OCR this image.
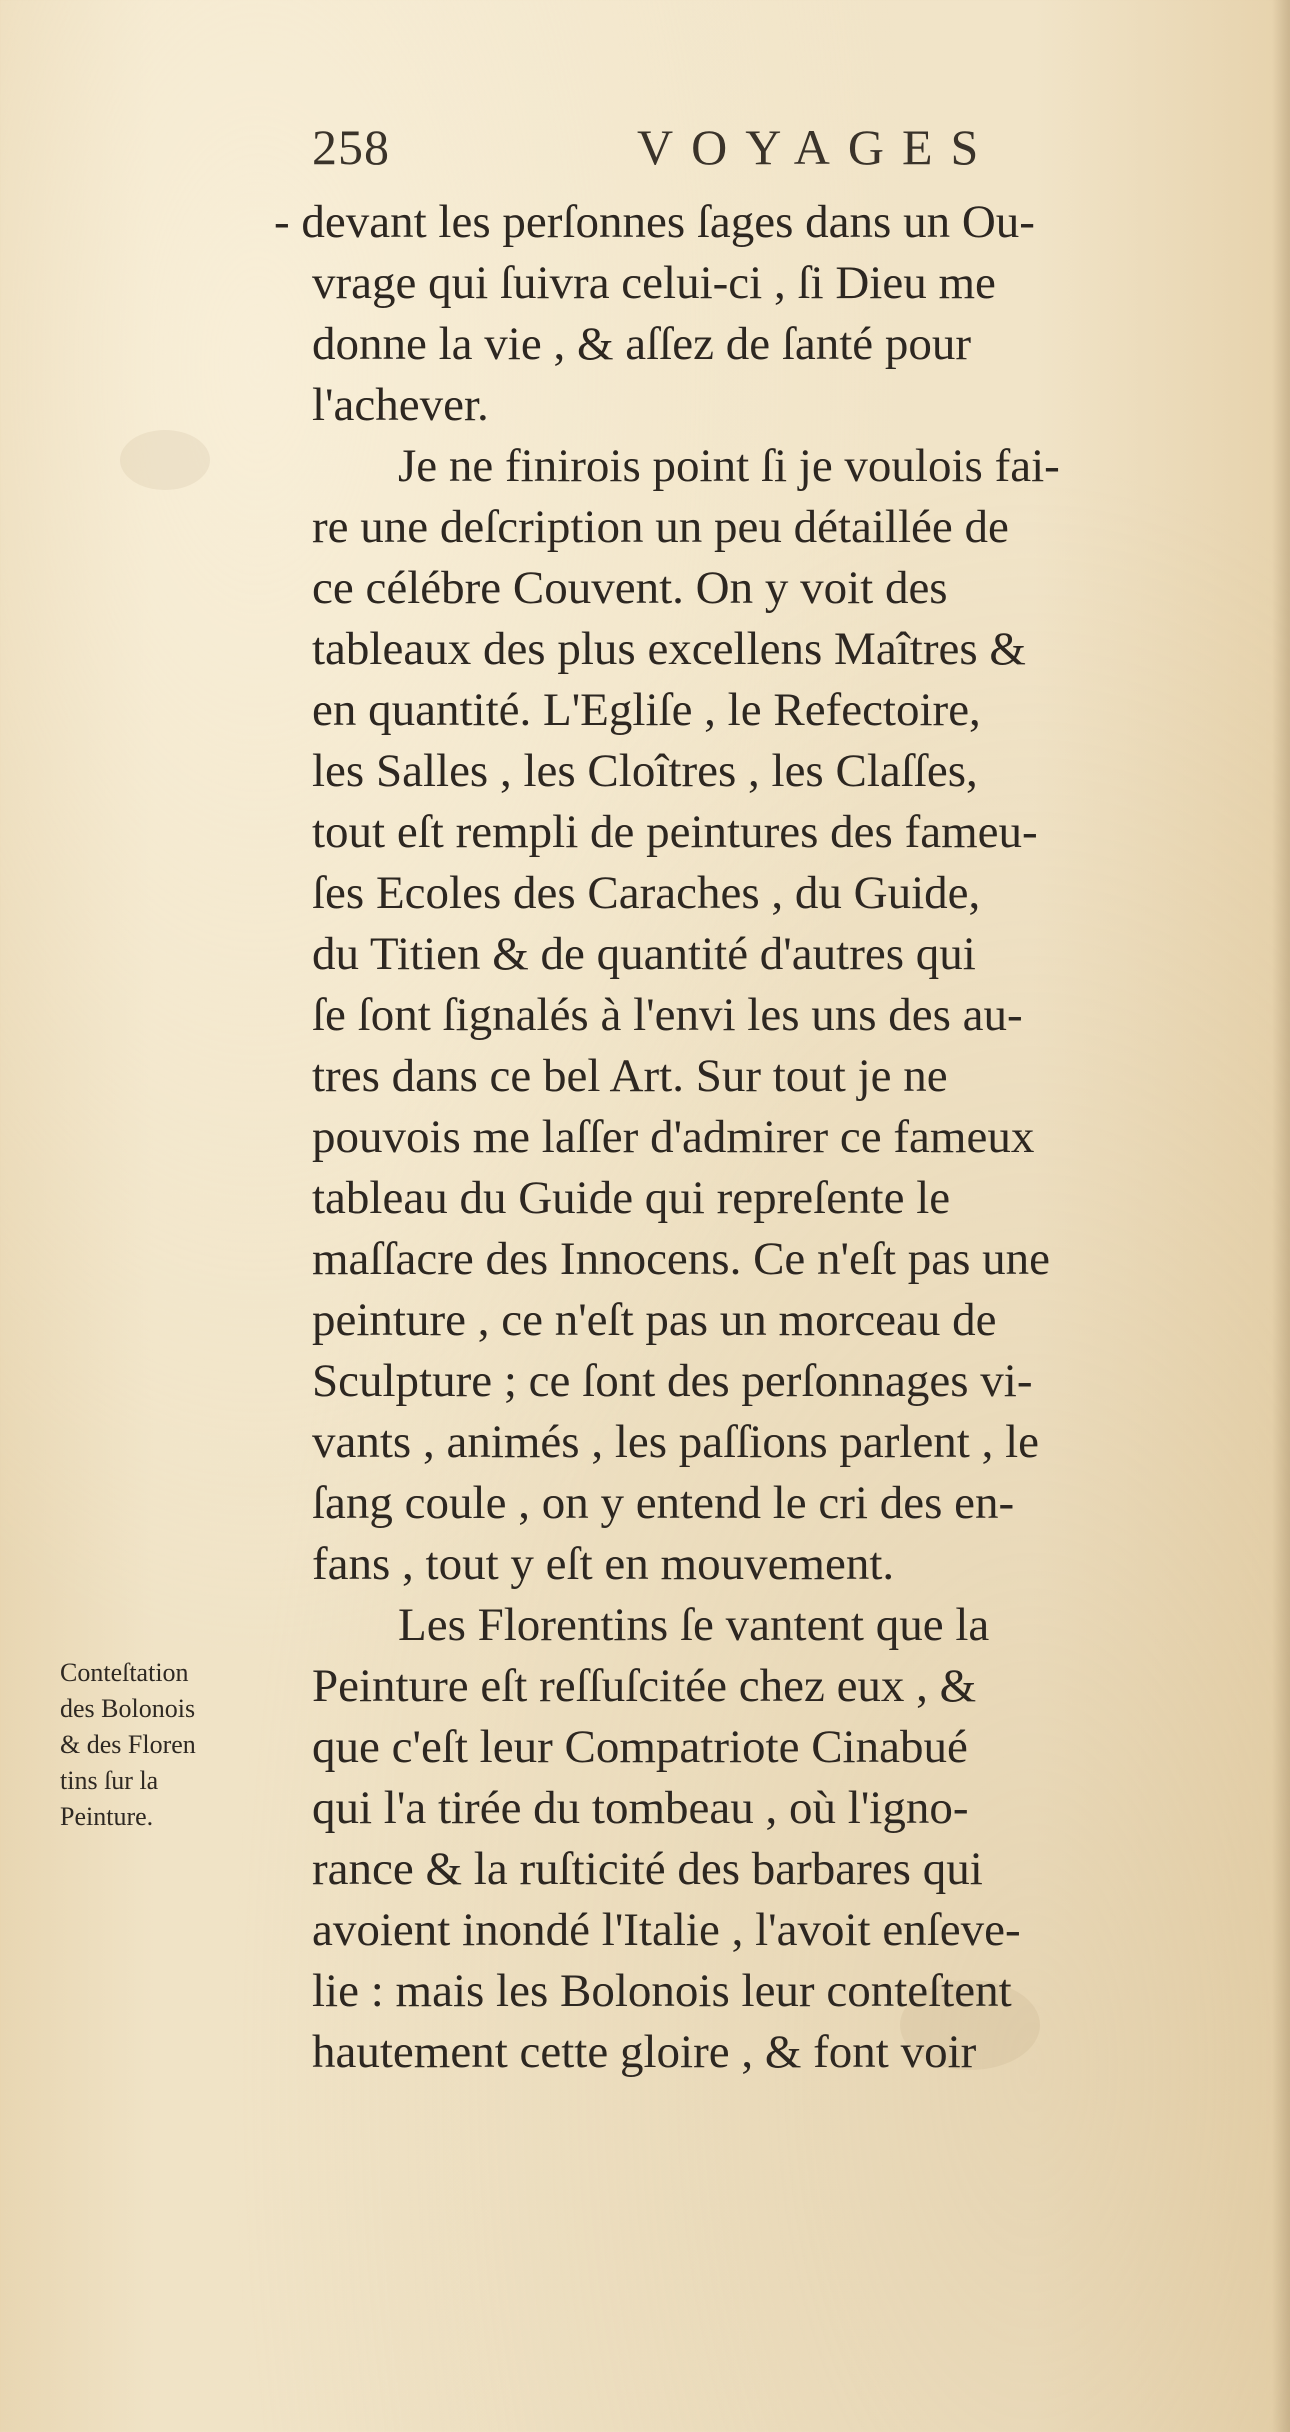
258	VOYAGES
- devant les perſonnes ſages dans un Ou-
vrage qui ſuivra celui-ci , ſi Dieu me
donne la vie , & aſſez de ſanté pour
l'achever.
Je ne finirois point ſi je voulois fai-
re une deſcription un peu détaillée de
ce célébre Couvent. On y voit des
tableaux des plus excellens Maîtres &
en quantité. L'Egliſe , le Refectoire,
les Salles , les Cloîtres , les Claſſes,
tout eſt rempli de peintures des fameu-
ſes Ecoles des Caraches , du Guide,
du Titien & de quantité d'autres qui
ſe ſont ſignalés à l'envi les uns des au-
tres dans ce bel Art. Sur tout je ne
pouvois me laſſer d'admirer ce fameux
tableau du Guide qui repreſente le
maſſacre des Innocens. Ce n'eſt pas une
peinture , ce n'eſt pas un morceau de
Sculpture ; ce ſont des perſonnages vi-
vants , animés , les paſſions parlent , le
ſang coule , on y entend le cri des en-
fans , tout y eſt en mouvement.
Les Florentins ſe vantent que la
Peinture eſt reſſuſcitée chez eux , &
que c'eſt leur Compatriote Cinabué
qui l'a tirée du tombeau , où l'igno-
rance & la ruſticité des barbares qui
avoient inondé l'Italie , l'avoit enſeve-
lie : mais les Bolonois leur conteſtent
hautement cette gloire , & font voir
Conteſtation
des Bolonois
& des Floren
tins ſur la
Peinture.
